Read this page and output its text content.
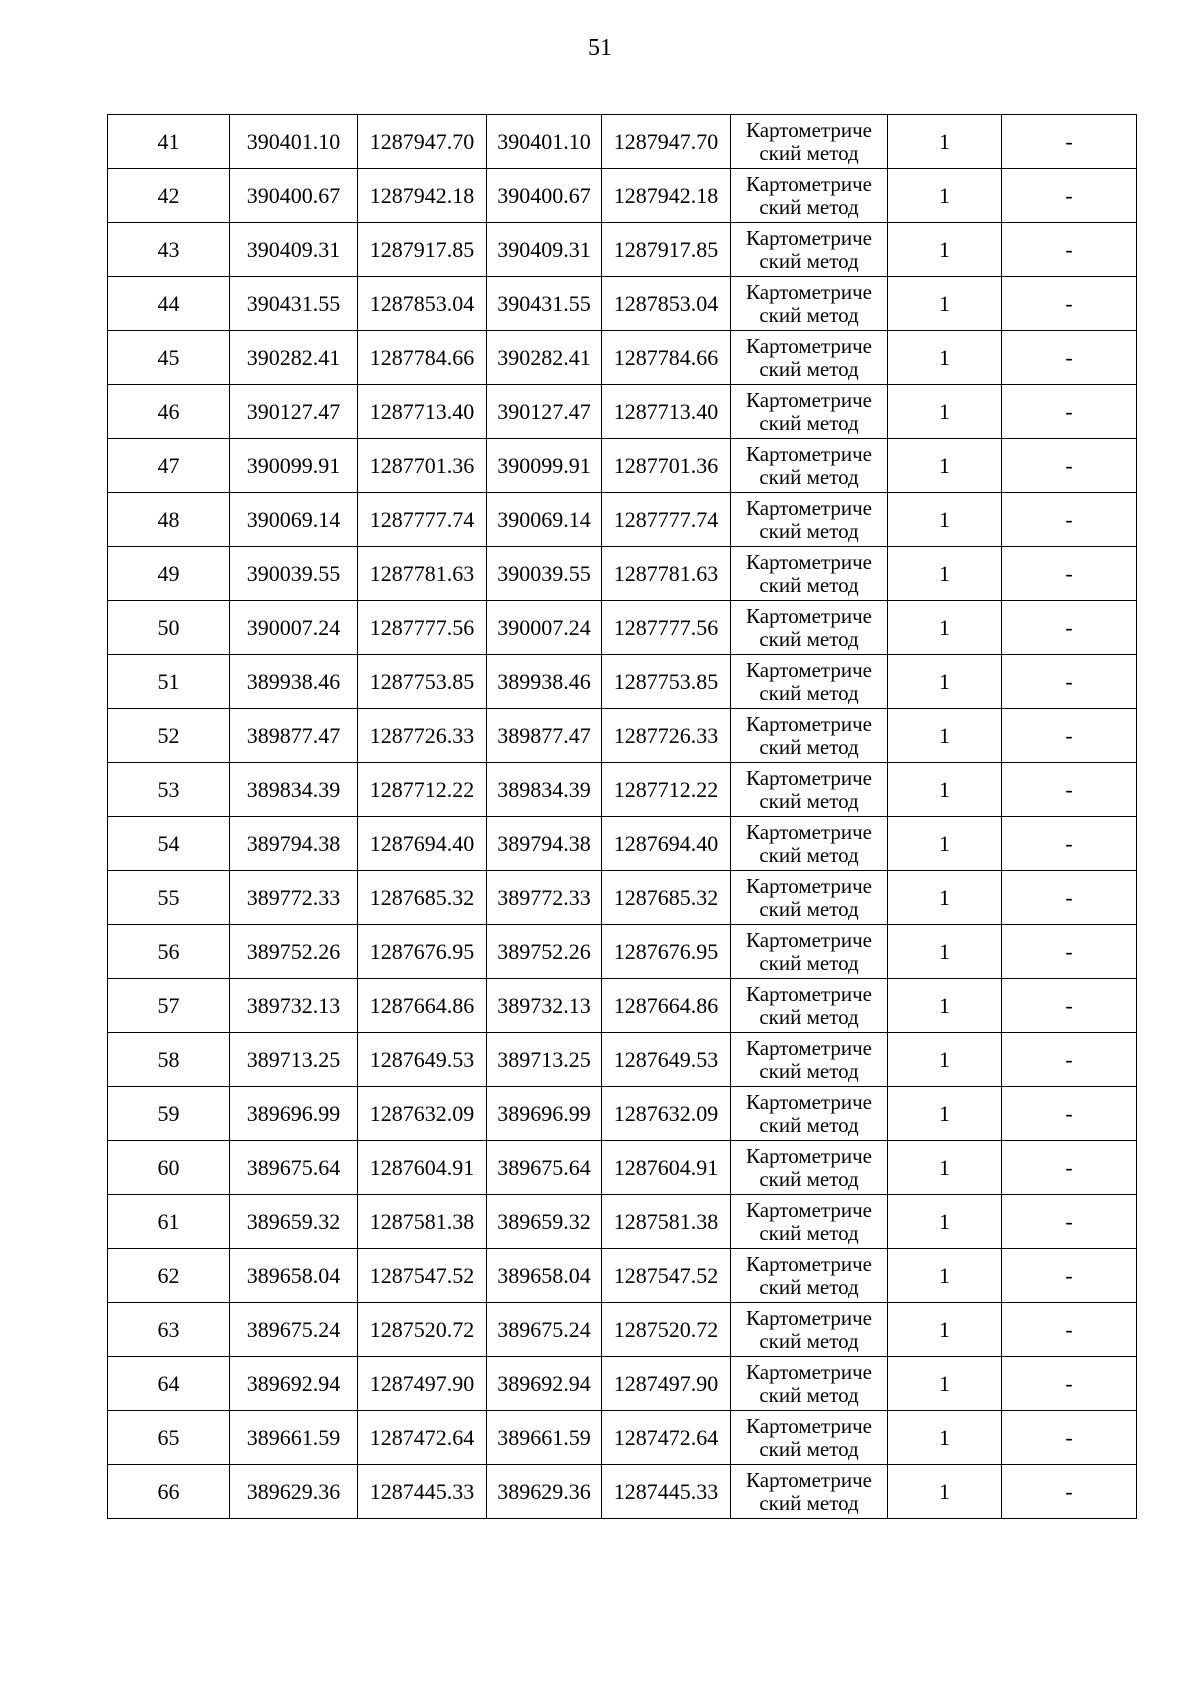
51
41	390401.10	1287947.70	390401.10	1287947.70	Картометриче
ский метод	1	-
42	390400.67	1287942.18	390400.67	1287942.18	Картометриче
ский метод	1	-
43	390409.31	1287917.85	390409.31	1287917.85	Картометриче
ский метод	1	-
44	390431.55	1287853.04	390431.55	1287853.04	Картометриче
ский метод	1	-
45	390282.41	1287784.66	390282.41	1287784.66	Картометриче
ский метод	1	-
46	390127.47	1287713.40	390127.47	1287713.40	Картометриче
ский метод	1	-
47	390099.91	1287701.36	390099.91	1287701.36	Картометриче
ский метод	1	-
48	390069.14	1287777.74	390069.14	1287777.74	Картометриче
ский метод	1	-
49	390039.55	1287781.63	390039.55	1287781.63	Картометриче
ский метод	1	-
50	390007.24	1287777.56	390007.24	1287777.56	Картометриче
ский метод	1	-
51	389938.46	1287753.85	389938.46	1287753.85	Картометриче
ский метод	1	-
52	389877.47	1287726.33	389877.47	1287726.33	Картометриче
ский метод	1	-
53	389834.39	1287712.22	389834.39	1287712.22	Картометриче
ский метод	1	-
54	389794.38	1287694.40	389794.38	1287694.40	Картометриче
ский метод	1	-
55	389772.33	1287685.32	389772.33	1287685.32	Картометриче
ский метод	1	-
56	389752.26	1287676.95	389752.26	1287676.95	Картометриче
ский метод	1	-
57	389732.13	1287664.86	389732.13	1287664.86	Картометриче
ский метод	1	-
58	389713.25	1287649.53	389713.25	1287649.53	Картометриче
ский метод	1	-
59	389696.99	1287632.09	389696.99	1287632.09	Картометриче
ский метод	1	-
60	389675.64	1287604.91	389675.64	1287604.91	Картометриче
ский метод	1	-
61	389659.32	1287581.38	389659.32	1287581.38	Картометриче
ский метод	1	-
62	389658.04	1287547.52	389658.04	1287547.52	Картометриче
ский метод	1	-
63	389675.24	1287520.72	389675.24	1287520.72	Картометриче
ский метод	1	-
64	389692.94	1287497.90	389692.94	1287497.90	Картометриче
ский метод	1	-
65	389661.59	1287472.64	389661.59	1287472.64	Картометриче
ский метод	1	-
66	389629.36	1287445.33	389629.36	1287445.33	Картометриче
ский метод	1	-
